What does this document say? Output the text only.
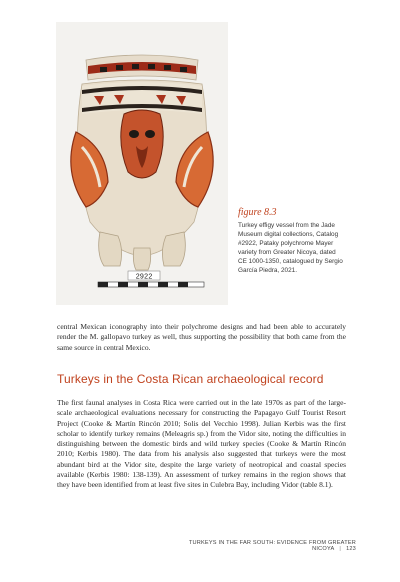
2922
figure 8.3
Turkey effigy vessel from the Jade Museum digital collections, Catalog #2922, Pataky polychrome Mayer variety from Greater Nicoya, dated CE 1000-1350, catalogued by Sergio García Piedra, 2021.

central Mexican iconography into their polychrome designs and had been able to accurately render the M. gallopavo turkey as well, thus supporting the possibility that both came from the same source in central Mexico.

Turkeys in the Costa Rican archaeological record

The first faunal analyses in Costa Rica were carried out in the late 1970s as part of the large-scale archaeological evaluations necessary for constructing the Papagayo Gulf Tourist Resort Project (Cooke & Martín Rincón 2010; Solis del Vecchio 1998). Julian Kerbis was the first scholar to identify turkey remains (Meleagris sp.) from the Vidor site, noting the difficulties in distinguishing between the domestic birds and wild turkey species (Cooke & Martín Rincón 2010; Kerbis 1980). The data from his analysis also suggested that turkeys were the most abundant bird at the Vidor site, despite the large variety of neotropical and coastal species available (Kerbis 1980: 138-139). An assessment of turkey remains in the region shows that they have been identified from at least five sites in Culebra Bay, including Vidor (table 8.1).

TURKEYS IN THE FAR SOUTH: EVIDENCE FROM GREATER NICOYA | 123
